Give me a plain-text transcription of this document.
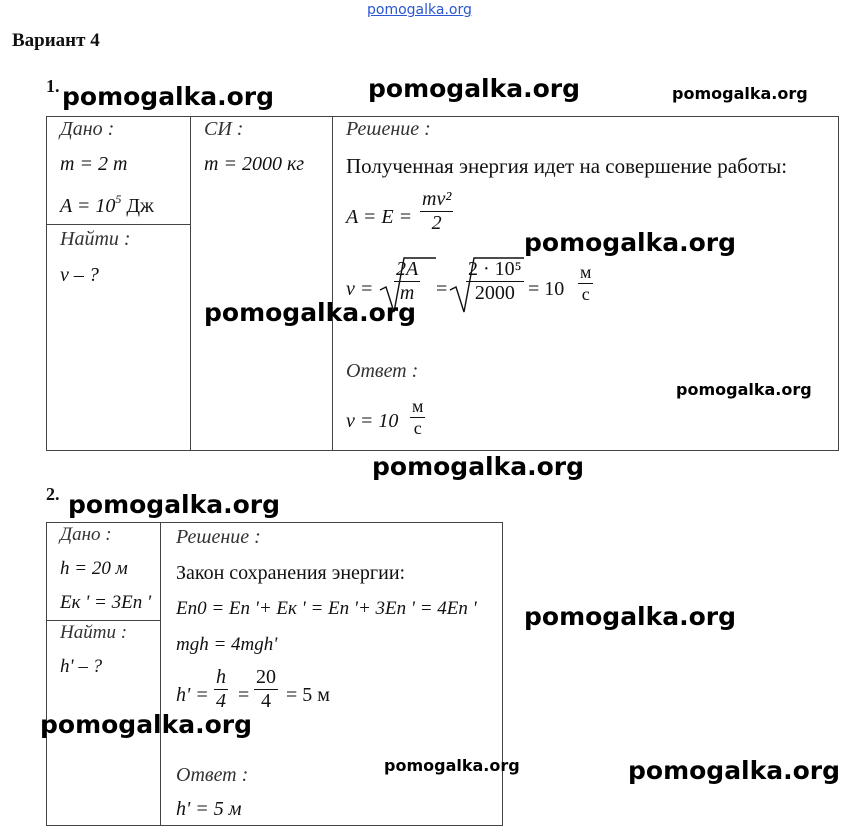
pomogalka.org
Вариант 4
1. pomogalka.org	pomogalka.org	pomogalka.org
Дано :
m = 2 т
$A = 10^5$ Дж
Найти :
v – ?
СИ :
m = 2000 кг
Решение :
Полученная энергия идет на совершение работы:
$A = E = \frac{\text{mv²}}{2}$
$v = \frac{2A}{m} = \frac{\text{2 · 10⁵}}{2000} = 10$
м
с
pomogalka.org
pomogalka.org
Ответ :
v = 10
м
с
pomogalka.org
pomogalka.org
2. pomogalka.org
Дано :
h = 20 м
Eк ' = 3Eп '
Найти :
h' – ?
Решение :
Закон сохранения энергии:
Eп0 = Eп '+ Eк ' = Eп '+ 3Eп ' = 4Eп '
mgh = 4mgh'
$h' = \frac{h}{4} = \frac{20}{4} = 5$ м
Ответ :
h' = 5 м
pomogalka.org
pomogalka.org
pomogalka.org
pomogalka.org
